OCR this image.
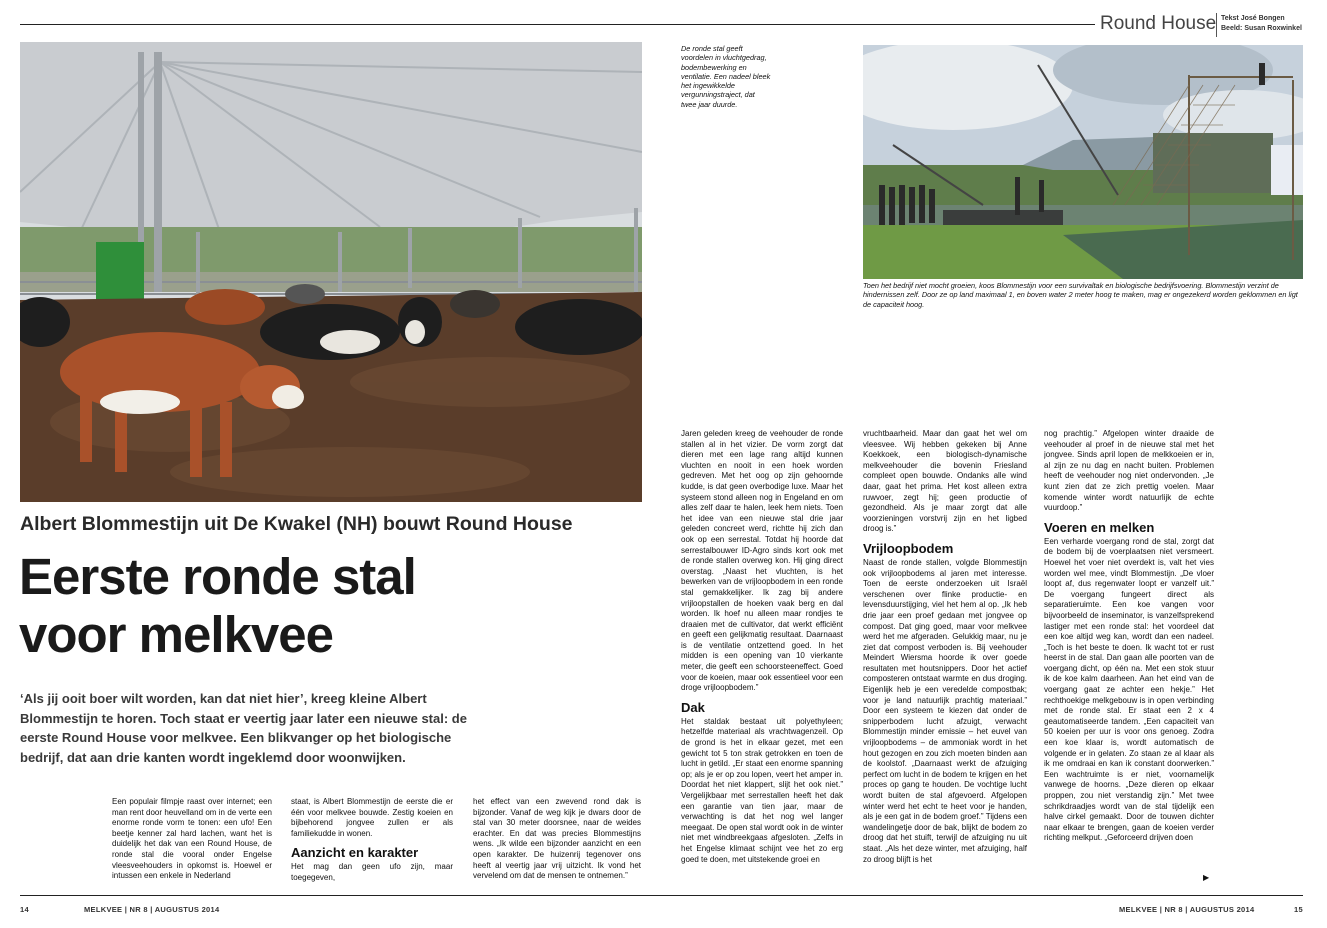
Round House Tekst José Bongen
Beeld: Susan Roxwinkel
De ronde stal geeft voordelen in vluchtgedrag, bodembewerking en ventilatie. Een nadeel bleek het ingewikkelde vergunningstraject, dat twee jaar duurde.
Toen het bedrijf niet mocht groeien, koos Blommestijn voor een survivaltak en biologische bedrijfsvoering. Blommestijn verzint de hindernissen zelf. Door ze op land maximaal 1, en boven water 2 meter hoog te maken, mag er ongezekerd worden geklommen en ligt de capaciteit hoog.
Albert Blommestijn uit De Kwakel (NH) bouwt Round House
Eerste ronde stal
voor melkvee
‘Als jij ooit boer wilt worden, kan dat niet hier’, kreeg kleine Albert Blommestijn te horen. Toch staat er veertig jaar later een nieuwe stal: de eerste Round House voor melkvee. Een blikvanger op het biologische bedrijf, dat aan drie kanten wordt ingeklemd door woonwijken.

Een populair filmpje raast over internet; een man rent door heuvelland om in de verte een enorme ronde vorm te tonen: een ufo! Een beetje kenner zal hard lachen, want het is duidelijk het dak van een Round House, de ronde stal die vooral onder Engelse vleesveehouders in opkomst is. Hoewel er intussen een enkele in Nederland

staat, is Albert Blommestijn de eerste die er één voor melkvee bouwde. Zestig koeien en bijbehorend jongvee zullen er als familiekudde in wonen.

Aanzicht en karakter

Het mag dan geen ufo zijn, maar toegegeven,

het effect van een zwevend rond dak is bijzonder. Vanaf de weg kijk je dwars door de stal van 30 meter doorsnee, naar de weides erachter. En dat was precies Blommestijns wens. „Ik wilde een bijzonder aanzicht en een open karakter. De huizenrij tegenover ons heeft al veertig jaar vrij uitzicht. Ik vond het vervelend om dat de mensen te ontnemen.”

Jaren geleden kreeg de veehouder de ronde stallen al in het vizier. De vorm zorgt dat dieren met een lage rang altijd kunnen vluchten en nooit in een hoek worden gedreven. Met het oog op zijn gehoornde kudde, is dat geen overbodige luxe. Maar het systeem stond alleen nog in Engeland en om alles zelf daar te halen, leek hem niets. Toen het idee van een nieuwe stal drie jaar geleden concreet werd, richtte hij zich dan ook op een serrestal. Totdat hij hoorde dat serrestalbouwer ID-Agro sinds kort ook met de ronde stallen overweg kon. Hij ging direct overstag. „Naast het vluchten, is het bewerken van de vrijloopbodem in een ronde stal gemakkelijker. Ik zag bij andere vrijloopstallen de hoeken vaak berg en dal worden. Ik hoef nu alleen maar rondjes te draaien met de cultivator, dat werkt efficiënt en geeft een gelijkmatig resultaat. Daarnaast is de ventilatie ontzettend goed. In het midden is een opening van 10 vierkante meter, die geeft een schoorsteeneffect. Goed voor de koeien, maar ook essentieel voor een droge vrijloopbodem.”

Dak

Het staldak bestaat uit polyethyleen; hetzelfde materiaal als vrachtwagenzeil. Op de grond is het in elkaar gezet, met een gewicht tot 5 ton strak getrokken en toen de lucht in getild. „Er staat een enorme spanning op; als je er op zou lopen, veert het amper in. Doordat het niet klappert, slijt het ook niet.” Vergelijkbaar met serrestallen heeft het dak een garantie van tien jaar, maar de verwachting is dat het nog wel langer meegaat. De open stal wordt ook in de winter niet met windbreekgaas afgesloten. „Zelfs in het Engelse klimaat schijnt vee het zo erg goed te doen, met uitstekende groei en

vruchtbaarheid. Maar dan gaat het wel om vleesvee. Wij hebben gekeken bij Anne Koekkoek, een biologisch-dynamische melkveehouder die bovenin Friesland compleet open bouwde. Ondanks alle wind daar, gaat het prima. Het kost alleen extra ruwvoer, zegt hij; geen productie of gezondheid. Als je maar zorgt dat alle voorzieningen vorstvrij zijn en het ligbed droog is.”

Vrijloopbodem

Naast de ronde stallen, volgde Blommestijn ook vrijloopbodems al jaren met interesse. Toen de eerste onderzoeken uit Israël verschenen over flinke productie- en levensduurstijging, viel het hem al op. „Ik heb drie jaar een proef gedaan met jongvee op compost. Dat ging goed, maar voor melkvee werd het me afgeraden. Gelukkig maar, nu je ziet dat compost verboden is. Bij veehouder Meindert Wiersma hoorde ik over goede resultaten met houtsnippers. Door het actief composteren ontstaat warmte en dus droging. Eigenlijk heb je een veredelde compostbak; voor je land natuurlijk prachtig materiaal.” Door een systeem te kiezen dat onder de snipperbodem lucht afzuigt, verwacht Blommestijn minder emissie – het euvel van vrijloopbodems – de ammoniak wordt in het hout gezogen en zou zich moeten binden aan de koolstof. „Daarnaast werkt de afzuiging perfect om lucht in de bodem te krijgen en het proces op gang te houden. De vochtige lucht wordt buiten de stal afgevoerd. Afgelopen winter werd het echt te heet voor je handen, als je een gat in de bodem groef.” Tijdens een wandelingetje door de bak, blijkt de bodem zo droog dat het stuift, terwijl de afzuiging nu uit staat. „Als het deze winter, met afzuiging, half zo droog blijft is het

nog prachtig.” Afgelopen winter draaide de veehouder al proef in de nieuwe stal met het jongvee. Sinds april lopen de melkkoeien er in, al zijn ze nu dag en nacht buiten. Problemen heeft de veehouder nog niet ondervonden. „Je kunt zien dat ze zich prettig voelen. Maar komende winter wordt natuurlijk de echte vuurdoop.”

Voeren en melken

Een verharde voergang rond de stal, zorgt dat de bodem bij de voerplaatsen niet versmeert. Hoewel het voer niet overdekt is, valt het vies worden wel mee, vindt Blommestijn. „De vloer loopt af, dus regenwater loopt er vanzelf uit.” De voergang fungeert direct als separatieruimte. Een koe vangen voor bijvoorbeeld de inseminator, is vanzelfsprekend lastiger met een ronde stal: het voordeel dat een koe altijd weg kan, wordt dan een nadeel. „Toch is het beste te doen. Ik wacht tot er rust heerst in de stal. Dan gaan alle poorten van de voergang dicht, op één na. Met een stok stuur ik de koe kalm daarheen. Aan het eind van de voergang gaat ze achter een hekje.” Het rechthoekige melkgebouw is in open verbinding met de ronde stal. Er staat een 2 x 4 geautomatiseerde tandem. „Een capaciteit van 50 koeien per uur is voor ons genoeg. Zodra een koe klaar is, wordt automatisch de volgende er in gelaten. Zo staan ze al klaar als ik me omdraai en kan ik constant doorwerken.” Een wachtruimte is er niet, voornamelijk vanwege de hoorns. „Deze dieren op elkaar proppen, zou niet verstandig zijn.” Met twee schrikdraadjes wordt van de stal tijdelijk een halve cirkel gemaakt. Door de touwen dichter naar elkaar te brengen, gaan de koeien verder richting melkput. „Geforceerd drijven doen

▶
14	MELKVEE | NR 8 | AUGUSTUS 2014	MELKVEE | NR 8 | AUGUSTUS 2014	15
